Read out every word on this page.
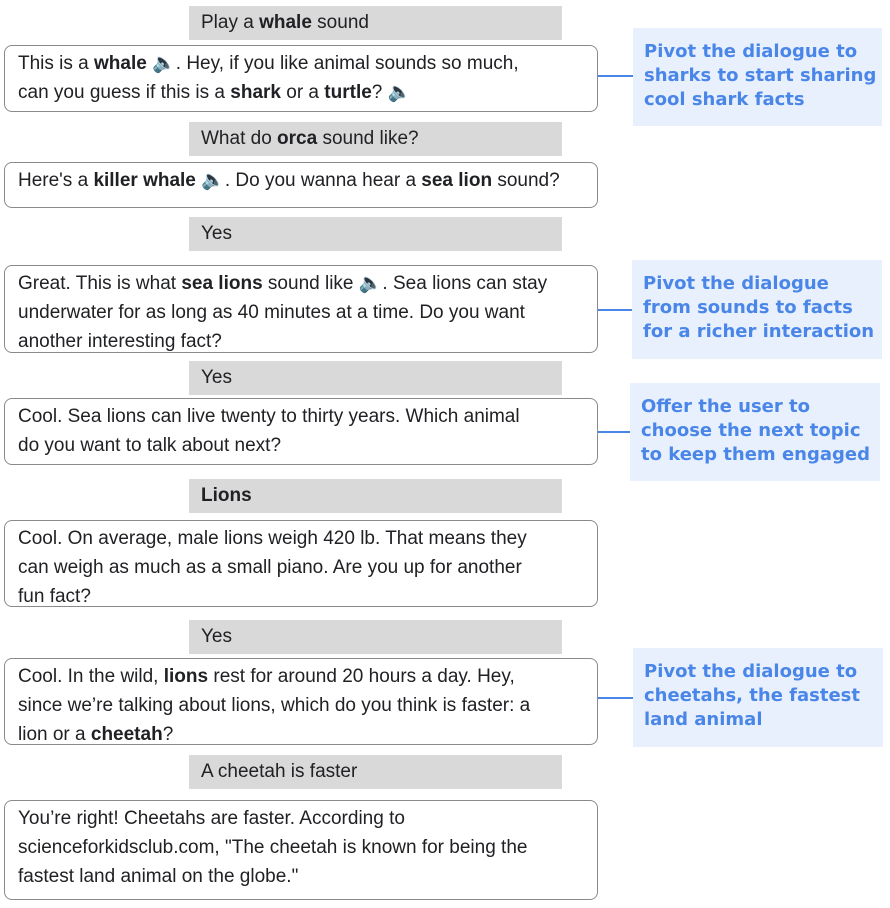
Play a whale sound
This is a whale 🔈. Hey, if you like animal sounds so much,
can you guess if this is a shark or a turtle? 🔈
What do orca sound like?
Here's a killer whale 🔈. Do you wanna hear a sea lion sound?
Yes
Great. This is what sea lions sound like 🔈. Sea lions can stay
underwater for as long as 40 minutes at a time. Do you want
another interesting fact?
Yes
Cool. Sea lions can live twenty to thirty years. Which animal
do you want to talk about next?
Lions
Cool. On average, male lions weigh 420 lb. That means they
can weigh as much as a small piano. Are you up for another
fun fact?
Yes
Cool. In the wild, lions rest for around 20 hours a day. Hey,
since we’re talking about lions, which do you think is faster: a
lion or a cheetah?
A cheetah is faster
You’re right! Cheetahs are faster. According to
scienceforkidsclub.com, "The cheetah is known for being the
fastest land animal on the globe."
Pivot the dialogue to
sharks to start sharing
cool shark facts
Pivot the dialogue
from sounds to facts
for a richer interaction
Offer the user to
choose the next topic
to keep them engaged
Pivot the dialogue to
cheetahs, the fastest
land animal
